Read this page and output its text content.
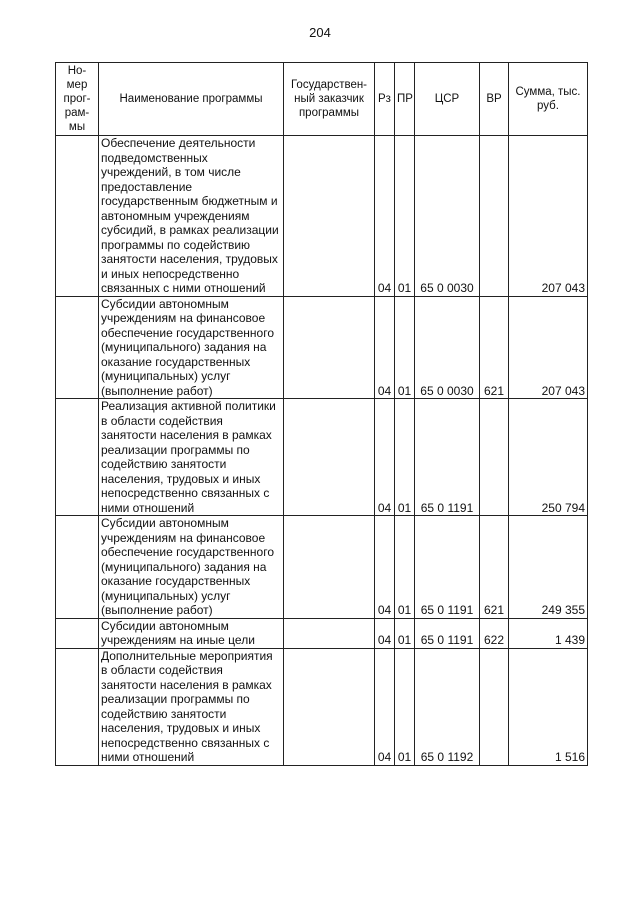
204
Но-мер прог-рам-мы	Наименование программы	Государствен-ный заказчик программы	Рз	ПР	ЦСР	ВР	Сумма, тыс. руб.
	Обеспечение деятельности подведомственных учреждений, в том числе предоставление государственным бюджетным и автономным учреждениям субсидий, в рамках реализации программы по содействию занятости населения, трудовых и иных непосредственно связанных с ними отношений		04	01	65 0 0030		207 043
	Субсидии автономным учреждениям на финансовое обеспечение государственного (муниципального) задания на оказание государственных (муниципальных) услуг (выполнение работ)		04	01	65 0 0030	621	207 043
	Реализация активной политики в области содействия занятости населения в рамках реализации программы по содействию занятости населения, трудовых и иных непосредственно связанных с ними отношений		04	01	65 0 1191		250 794
	Субсидии автономным учреждениям на финансовое обеспечение государственного (муниципального) задания на оказание государственных (муниципальных) услуг (выполнение работ)		04	01	65 0 1191	621	249 355
	Субсидии автономным учреждениям на иные цели		04	01	65 0 1191	622	1 439
	Дополнительные мероприятия в области содействия занятости населения в рамках реализации программы по содействию занятости населения, трудовых и иных непосредственно связанных с ними отношений		04	01	65 0 1192		1 516
